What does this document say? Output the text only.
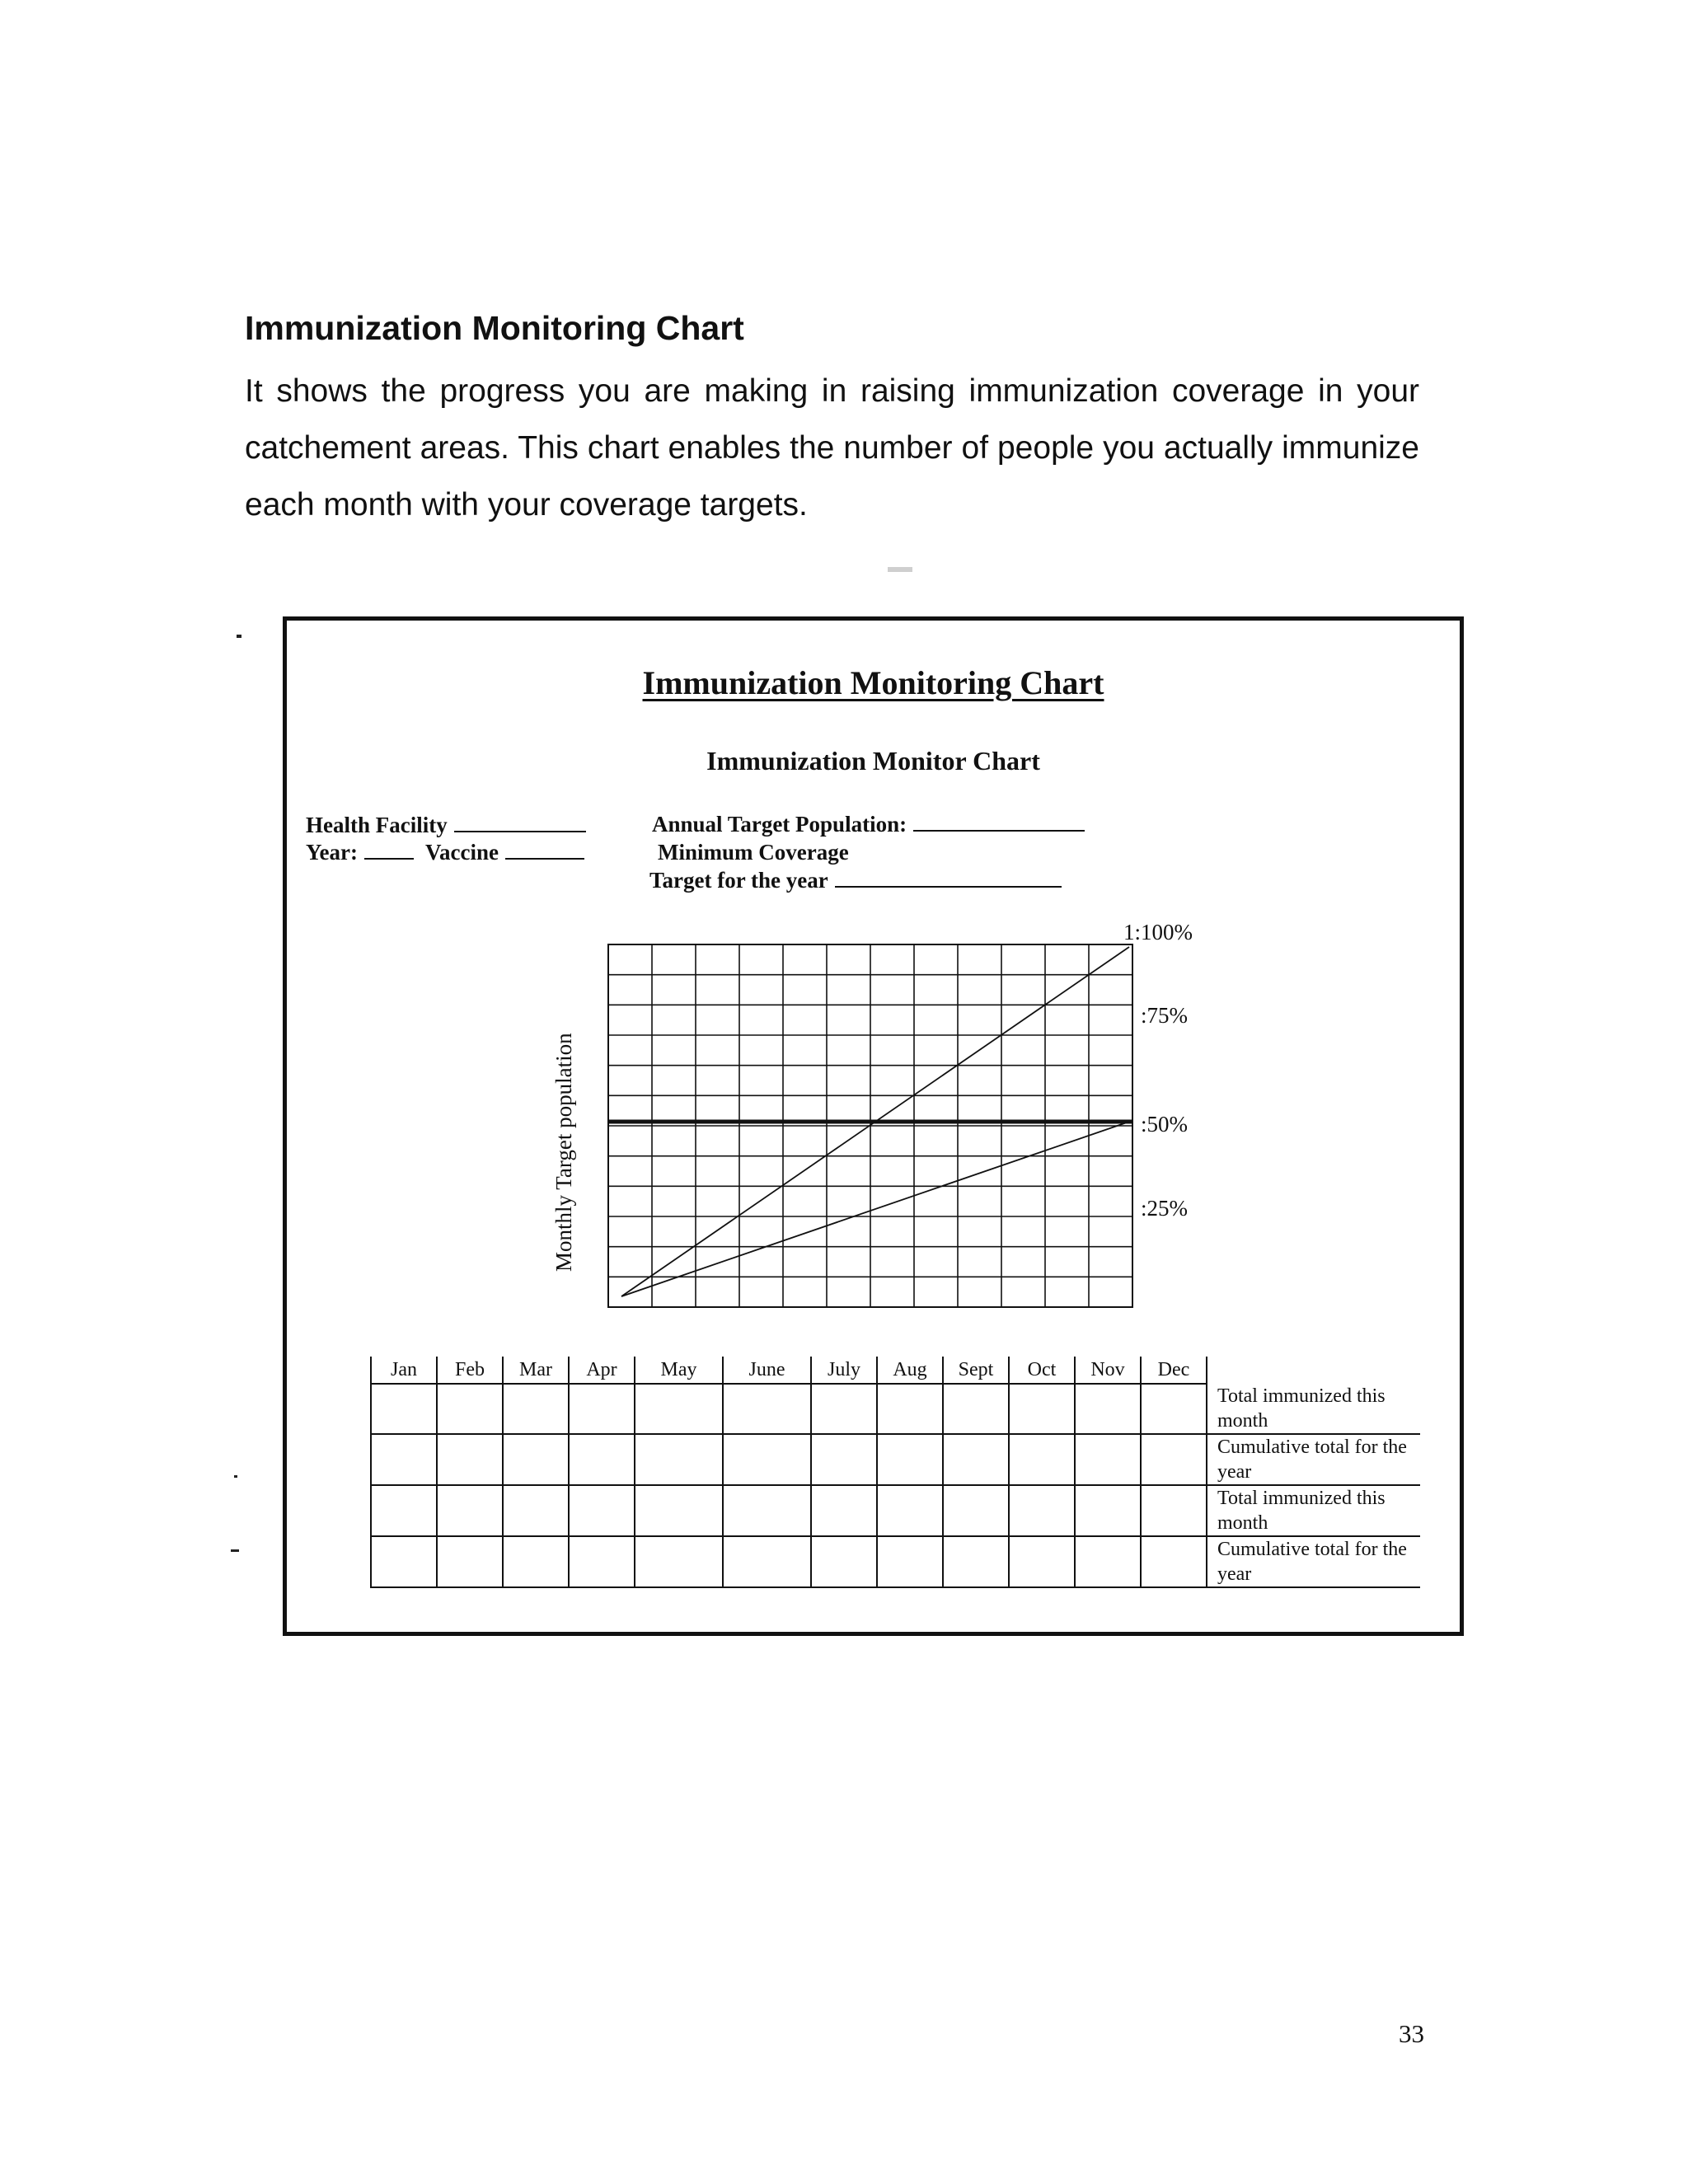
Immunization Monitoring Chart

It shows the progress you are making in raising immunization coverage in your catchement areas. This chart enables the number of people you actually immunize each month with your coverage targets.

Immunization Monitoring Chart
Immunization Monitor Chart
Health Facility
Year:	Vaccine
Annual Target Population:
Minimum Coverage
Target for the year
Monthly Target population
1:100%
:75%
:50%
:25%
Jan	Feb	Mar	Apr	May	June	July	Aug	Sept	Oct	Nov	Dec	
												Total immunized this month
												Cumulative total for the year
												Total immunized this month
												Cumulative total for the year
33
